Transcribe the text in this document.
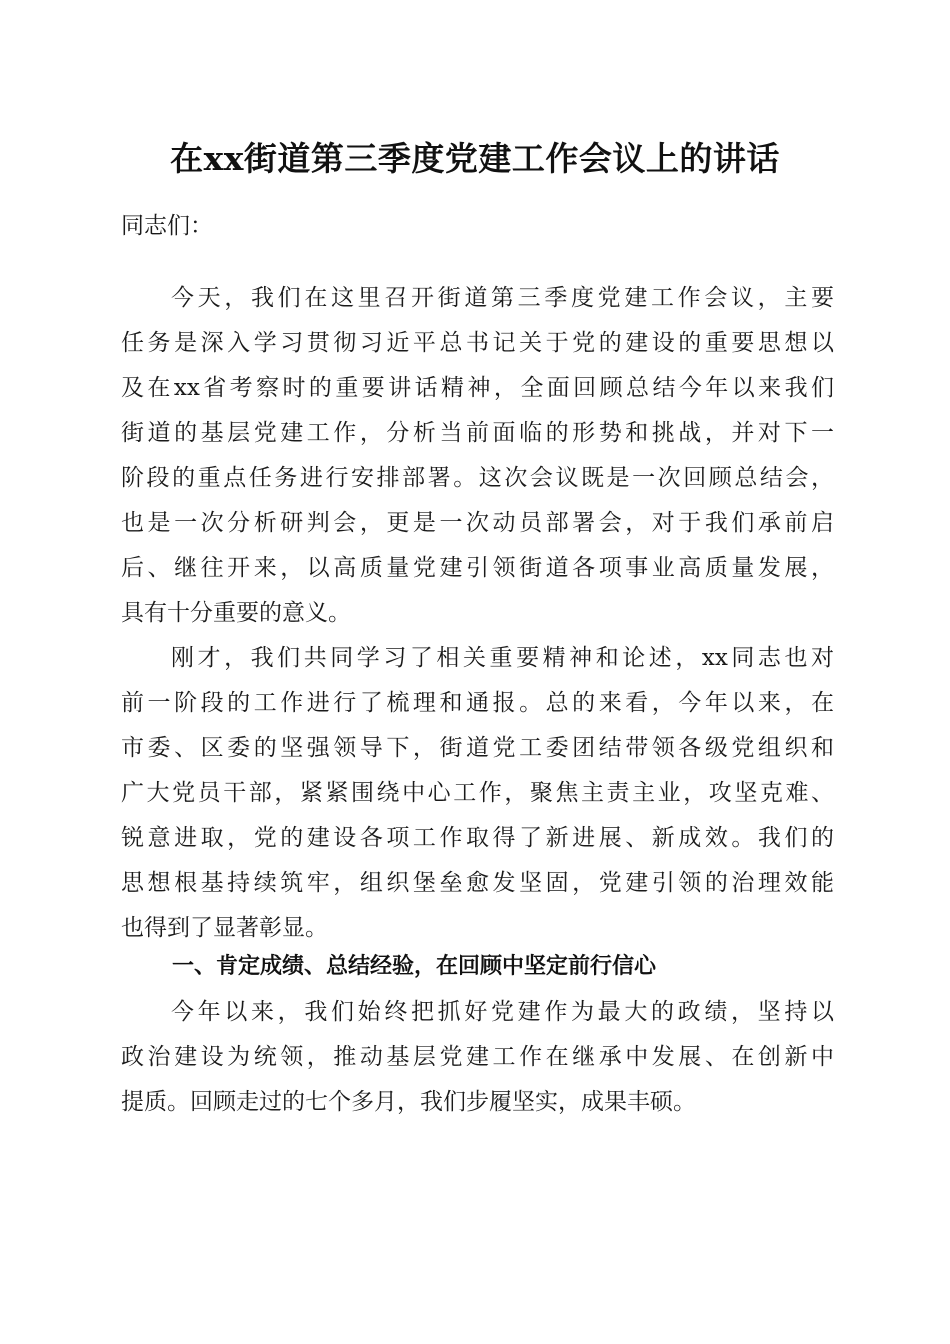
在xx街道第三季度党建工作会议上的讲话
同志们：
今天，我们在这里召开街道第三季度党建工作会议，主要
任务是深入学习贯彻习近平总书记关于党的建设的重要思想以
及在xx省考察时的重要讲话精神，全面回顾总结今年以来我们
街道的基层党建工作，分析当前面临的形势和挑战，并对下一
阶段的重点任务进行安排部署。这次会议既是一次回顾总结会，
也是一次分析研判会，更是一次动员部署会，对于我们承前启
后、继往开来，以高质量党建引领街道各项事业高质量发展，
具有十分重要的意义。
刚才，我们共同学习了相关重要精神和论述，xx同志也对
前一阶段的工作进行了梳理和通报。总的来看，今年以来，在
市委、区委的坚强领导下，街道党工委团结带领各级党组织和
广大党员干部，紧紧围绕中心工作，聚焦主责主业，攻坚克难、
锐意进取，党的建设各项工作取得了新进展、新成效。我们的
思想根基持续筑牢，组织堡垒愈发坚固，党建引领的治理效能
也得到了显著彰显。
一、肯定成绩、总结经验，在回顾中坚定前行信心
今年以来，我们始终把抓好党建作为最大的政绩，坚持以
政治建设为统领，推动基层党建工作在继承中发展、在创新中
提质。回顾走过的七个多月，我们步履坚实，成果丰硕。
